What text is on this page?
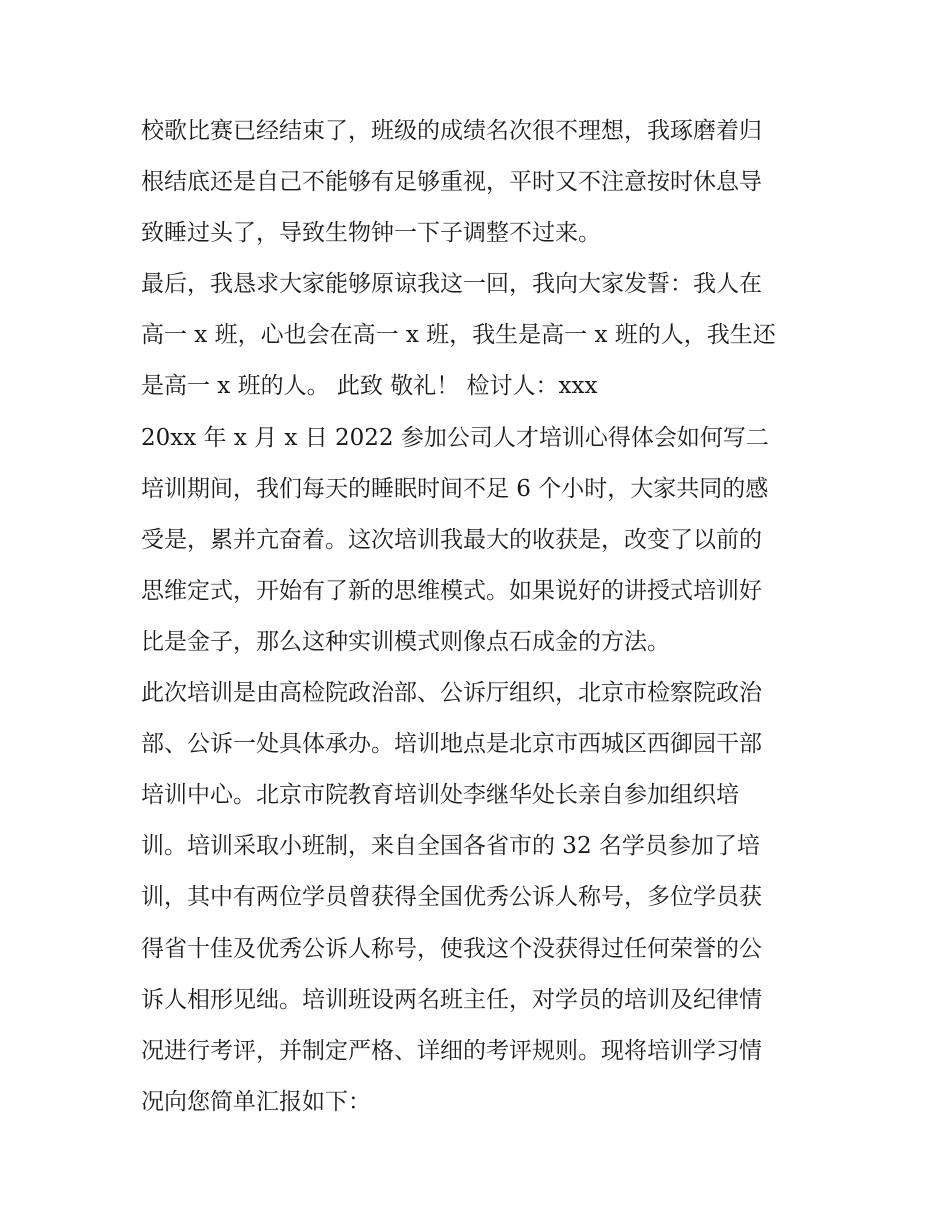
校歌比赛已经结束了，班级的成绩名次很不理想，我琢磨着归
根结底还是自己不能够有足够重视，平时又不注意按时休息导
致睡过头了，导致生物钟一下子调整不过来。
最后，我恳求大家能够原谅我这一回，我向大家发誓：我人在
高一 x 班，心也会在高一 x 班，我生是高一 x 班的人，我生还
是高一 x 班的人。 此致 敬礼！ 检讨人：xxx
20xx 年 x 月 x 日 2022 参加公司人才培训心得体会如何写二
培训期间，我们每天的睡眠时间不足 6 个小时，大家共同的感
受是，累并亢奋着。这次培训我最大的收获是，改变了以前的
思维定式，开始有了新的思维模式。如果说好的讲授式培训好
比是金子，那么这种实训模式则像点石成金的方法。
此次培训是由高检院政治部、公诉厅组织，北京市检察院政治
部、公诉一处具体承办。培训地点是北京市西城区西御园干部
培训中心。北京市院教育培训处李继华处长亲自参加组织培
训。培训采取小班制，来自全国各省市的 32 名学员参加了培
训，其中有两位学员曾获得全国优秀公诉人称号，多位学员获
得省十佳及优秀公诉人称号，使我这个没获得过任何荣誉的公
诉人相形见绌。培训班设两名班主任，对学员的培训及纪律情
况进行考评，并制定严格、详细的考评规则。现将培训学习情
况向您简单汇报如下：
